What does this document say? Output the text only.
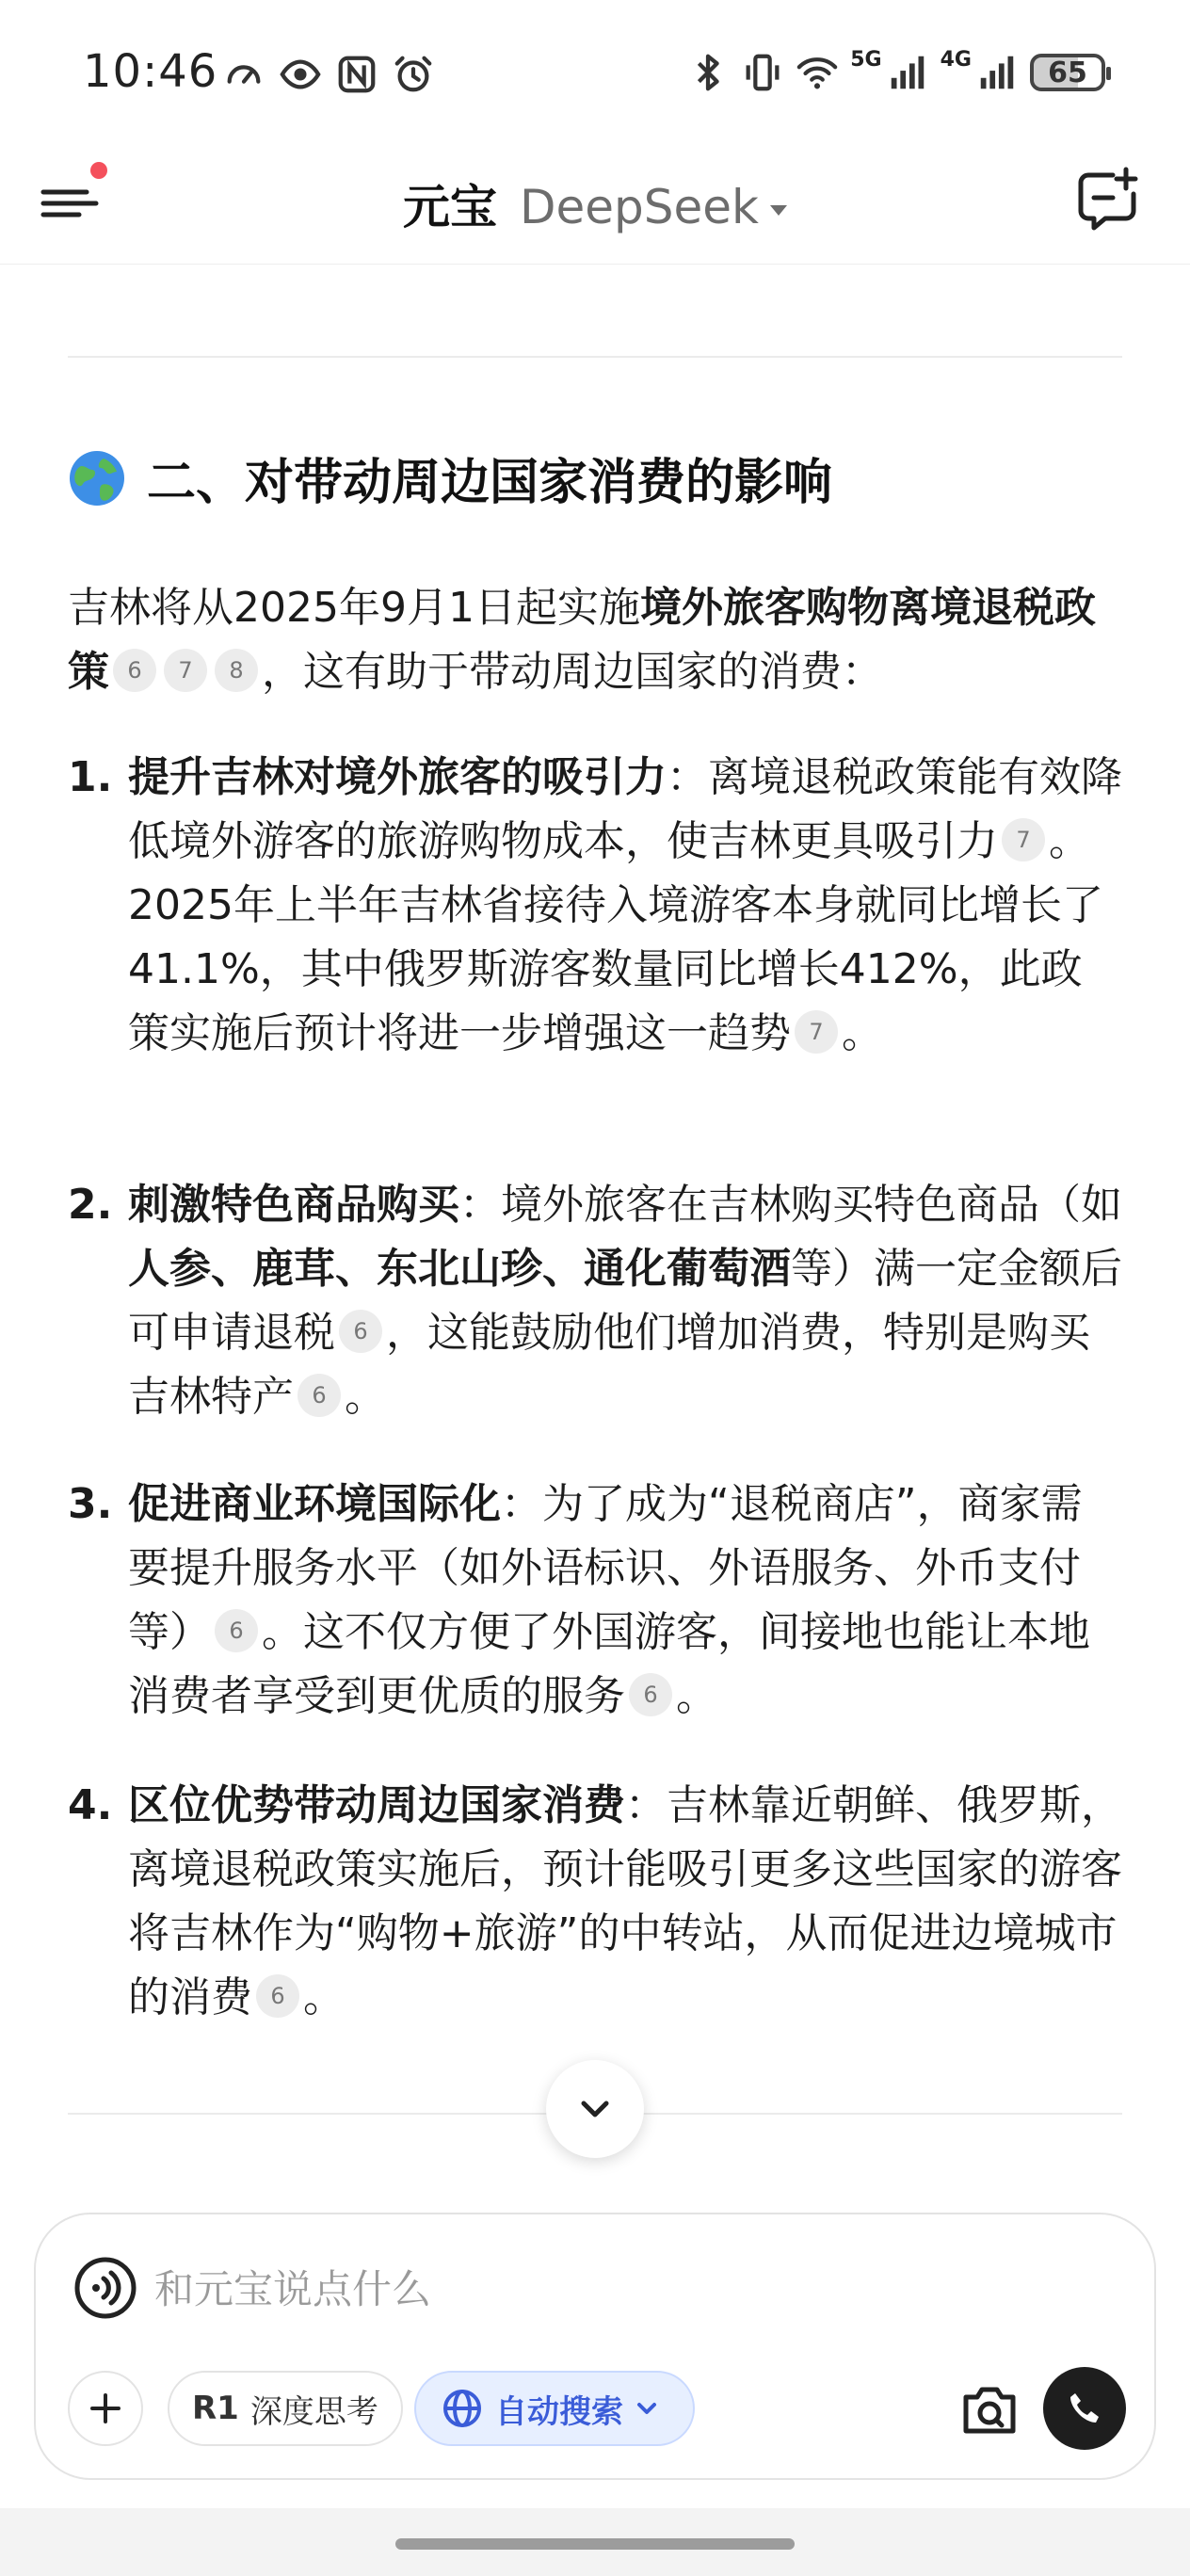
10:46	5G	4G	65
元宝 DeepSeek
二、对带动周边国家消费的影响
吉林将从2025年9月1日起实施境外旅客购物离境退税政策 6 7 8 ，这有助于带动周边国家的消费：
1. 提升吉林对境外旅客的吸引力：离境退税政策能有效降低境外游客的旅游购物成本，使吉林更具吸引力 7 。2025年上半年吉林省接待入境游客本身就同比增长了41.1%，其中俄罗斯游客数量同比增长412%，此政策实施后预计将进一步增强这一趋势 7 。
2. 刺激特色商品购买：境外旅客在吉林购买特色商品（如人参、鹿茸、东北山珍、通化葡萄酒等）满一定金额后可申请退税 6 ，这能鼓励他们增加消费，特别是购买吉林特产 6 。
3. 促进商业环境国际化：为了成为“退税商店”，商家需要提升服务水平（如外语标识、外语服务、外币支付等） 6 。这不仅方便了外国游客，间接地也能让本地消费者享受到更优质的服务 6 。
4. 区位优势带动周边国家消费：吉林靠近朝鲜、俄罗斯，离境退税政策实施后，预计能吸引更多这些国家的游客将吉林作为“购物+旅游”的中转站，从而促进边境城市的消费 6 。
和元宝说点什么
R1 深度思考	自动搜索
